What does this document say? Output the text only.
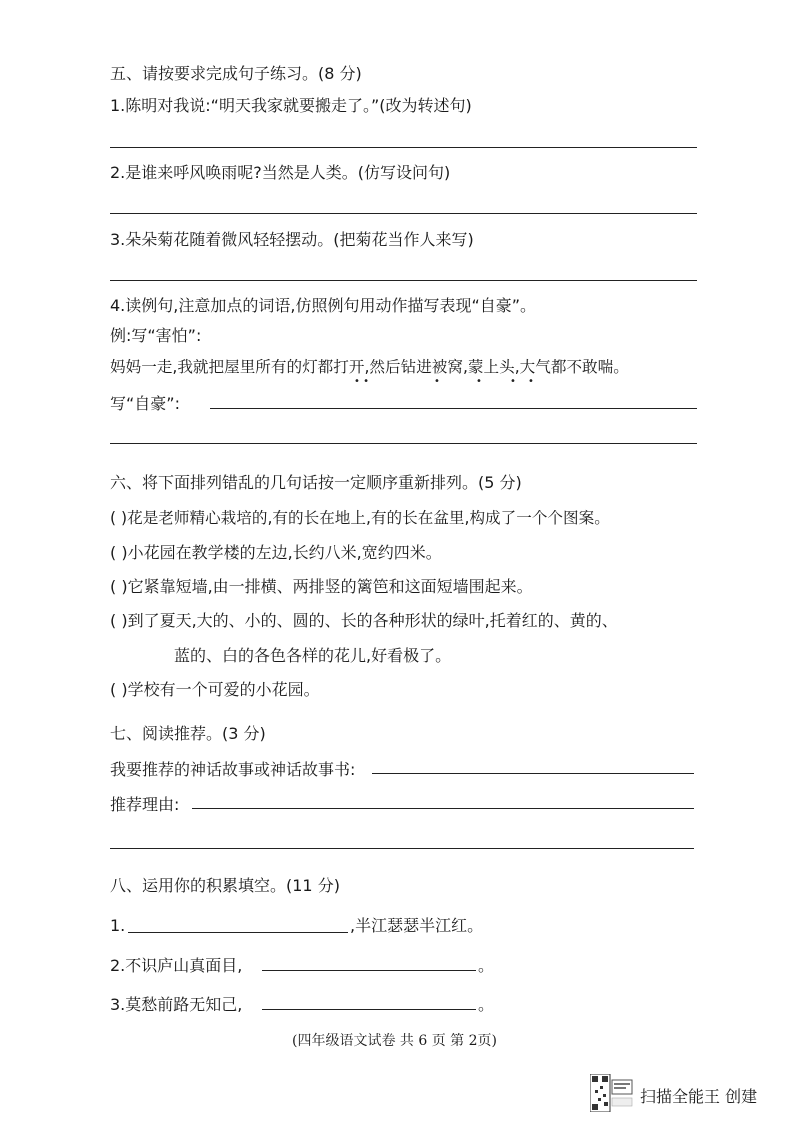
五、请按要求完成句子练习。(8 分)
1.陈明对我说:“明天我家就要搬走了。”(改为转述句)
2.是谁来呼风唤雨呢?当然是人类。(仿写设问句)
3.朵朵菊花随着微风轻轻摆动。(把菊花当作人来写)
4.读例句,注意加点的词语,仿照例句用动作描写表现“自豪”。
例:写“害怕”:
妈妈一走,我就把屋里所有的灯都打开,然后钻进被窝,蒙上头,大气都不敢喘。
• •	•	•	• •
写“自豪”:
六、将下面排列错乱的几句话按一定顺序重新排列。(5 分)
( )花是老师精心栽培的,有的长在地上,有的长在盆里,构成了一个个图案。
( )小花园在教学楼的左边,长约八米,宽约四米。
( )它紧靠短墙,由一排横、两排竖的篱笆和这面短墙围起来。
( )到了夏天,大的、小的、圆的、长的各种形状的绿叶,托着红的、黄的、
蓝的、白的各色各样的花儿,好看极了。
( )学校有一个可爱的小花园。
七、阅读推荐。(3 分)
我要推荐的神话故事或神话故事书:
推荐理由:
八、运用你的积累填空。(11 分)
1.	,半江瑟瑟半江红。
2.不识庐山真面目,	。
3.莫愁前路无知己,	。
(四年级语文试卷 共 6 页 第 2页)
扫描全能王 创建
